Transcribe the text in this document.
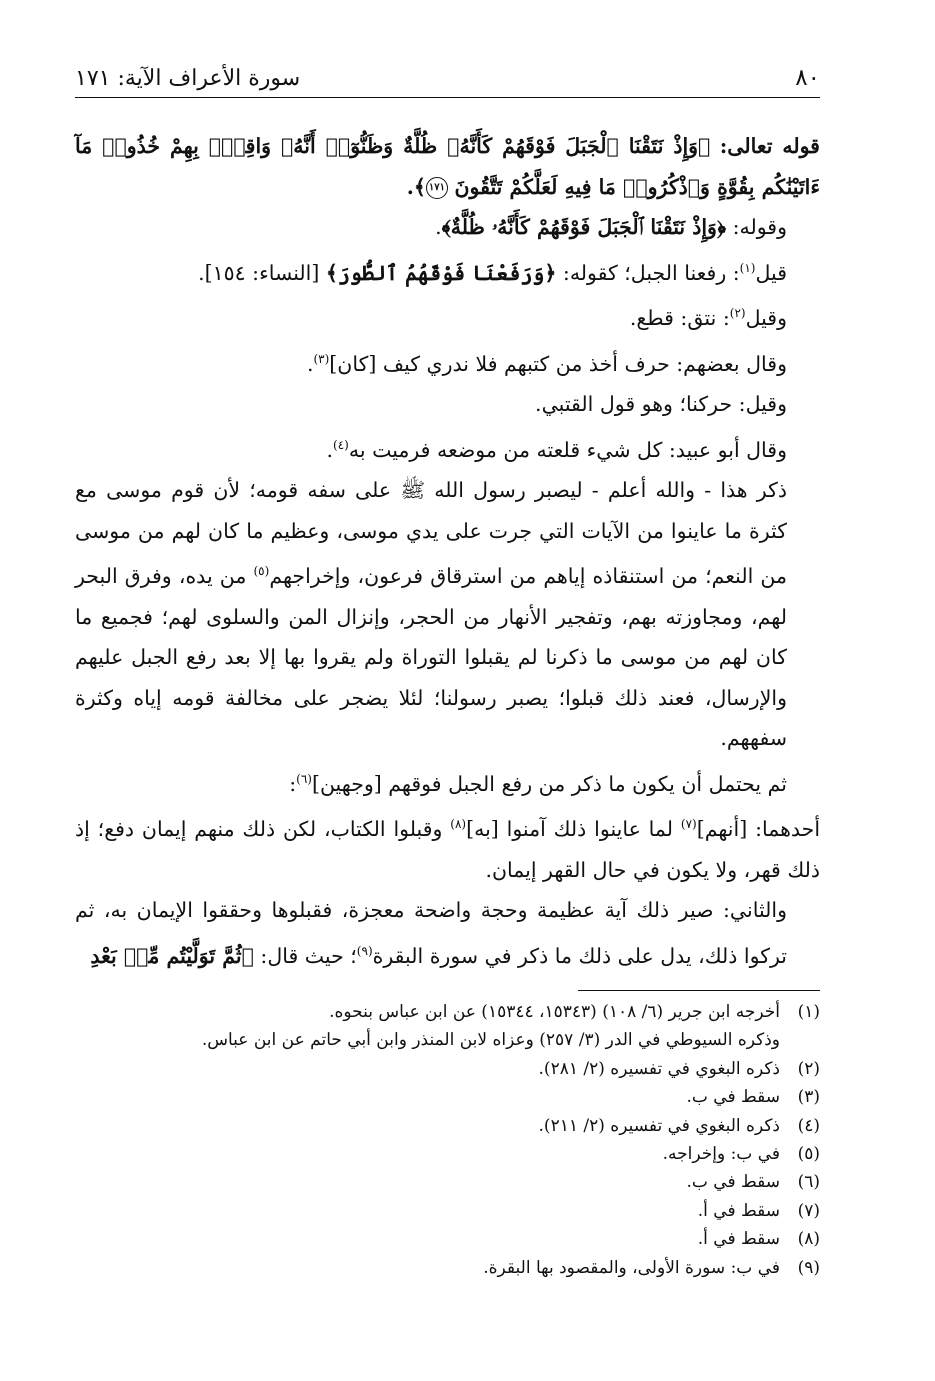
٨٠
سورة الأعراف الآية: ١٧١

قوله تعالى: ﴿وَإِذْ نَتَقْنَا ٱلْجَبَلَ فَوْقَهُمْ كَأَنَّهُۥ ظُلَّةٌ وَظَنُّوٓا۟ أَنَّهُۥ وَاقِعٌۢ بِهِمْ خُذُوا۟ مَآ ءَاتَيْنَٰكُم بِقُوَّةٍ وَٱذْكُرُوا۟ مَا فِيهِ لَعَلَّكُمْ تَتَّقُونَ ١٧١﴾.

وقوله: ﴿وَإِذْ نَتَقْنَا ٱلْجَبَلَ فَوْقَهُمْ كَأَنَّهُۥ ظُلَّةٌ﴾.

قيل$^{(١)}$: رفعنا الجبل؛ كقوله: ﴿وَرَفَعْنَا فَوْقَهُمُ ٱلطُّورَ﴾ [النساء: ١٥٤].

وقيل$^{(٢)}$: نتق: قطع.

وقال بعضهم: حرف أخذ من كتبهم فلا ندري كيف [كان]$^{(٣)}$.

وقيل: حركنا؛ وهو قول القتبي.

وقال أبو عبيد: كل شيء قلعته من موضعه فرميت به$^{(٤)}$.

ذكر هذا - والله أعلم - ليصبر رسول الله ﷺ على سفه قومه؛ لأن قوم موسى مع كثرة ما عاينوا من الآيات التي جرت على يدي موسى، وعظيم ما كان لهم من موسى من النعم؛ من استنقاذه إياهم من استرقاق فرعون، وإخراجهم$^{(٥)}$ من يده، وفرق البحر لهم، ومجاوزته بهم، وتفجير الأنهار من الحجر، وإنزال المن والسلوى لهم؛ فجميع ما كان لهم من موسى ما ذكرنا لم يقبلوا التوراة ولم يقروا بها إلا بعد رفع الجبل عليهم والإرسال، فعند ذلك قبلوا؛ يصبر رسولنا؛ لئلا يضجر على مخالفة قومه إياه وكثرة سفههم.

ثم يحتمل أن يكون ما ذكر من رفع الجبل فوقهم [وجهين]$^{(٦)}$:

أحدهما: [أنهم]$^{(٧)}$ لما عاينوا ذلك آمنوا [به]$^{(٨)}$ وقبلوا الكتاب، لكن ذلك منهم إيمان دفع؛ إذ ذلك قهر، ولا يكون في حال القهر إيمان.

والثاني: صير ذلك آية عظيمة وحجة واضحة معجزة، فقبلوها وحققوا الإيمان به، ثم تركوا ذلك، يدل على ذلك ما ذكر في سورة البقرة$^{(٩)}$؛ حيث قال: ﴿ثُمَّ تَوَلَّيْتُم مِّنۢ بَعْدِ

(١)
أخرجه ابن جرير (٦/ ١٠٨) (١٥٣٤٣، ١٥٣٤٤) عن ابن عباس بنحوه.
وذكره السيوطي في الدر (٣/ ٢٥٧) وعزاه لابن المنذر وابن أبي حاتم عن ابن عباس.
(٢)
ذكره البغوي في تفسيره (٢/ ٢٨١).
(٣)
سقط في ب.
(٤)
ذكره البغوي في تفسيره (٢/ ٢١١).
(٥)
في ب: وإخراجه.
(٦)
سقط في ب.
(٧)
سقط في أ.
(٨)
سقط في أ.
(٩)
في ب: سورة الأولى، والمقصود بها البقرة.
